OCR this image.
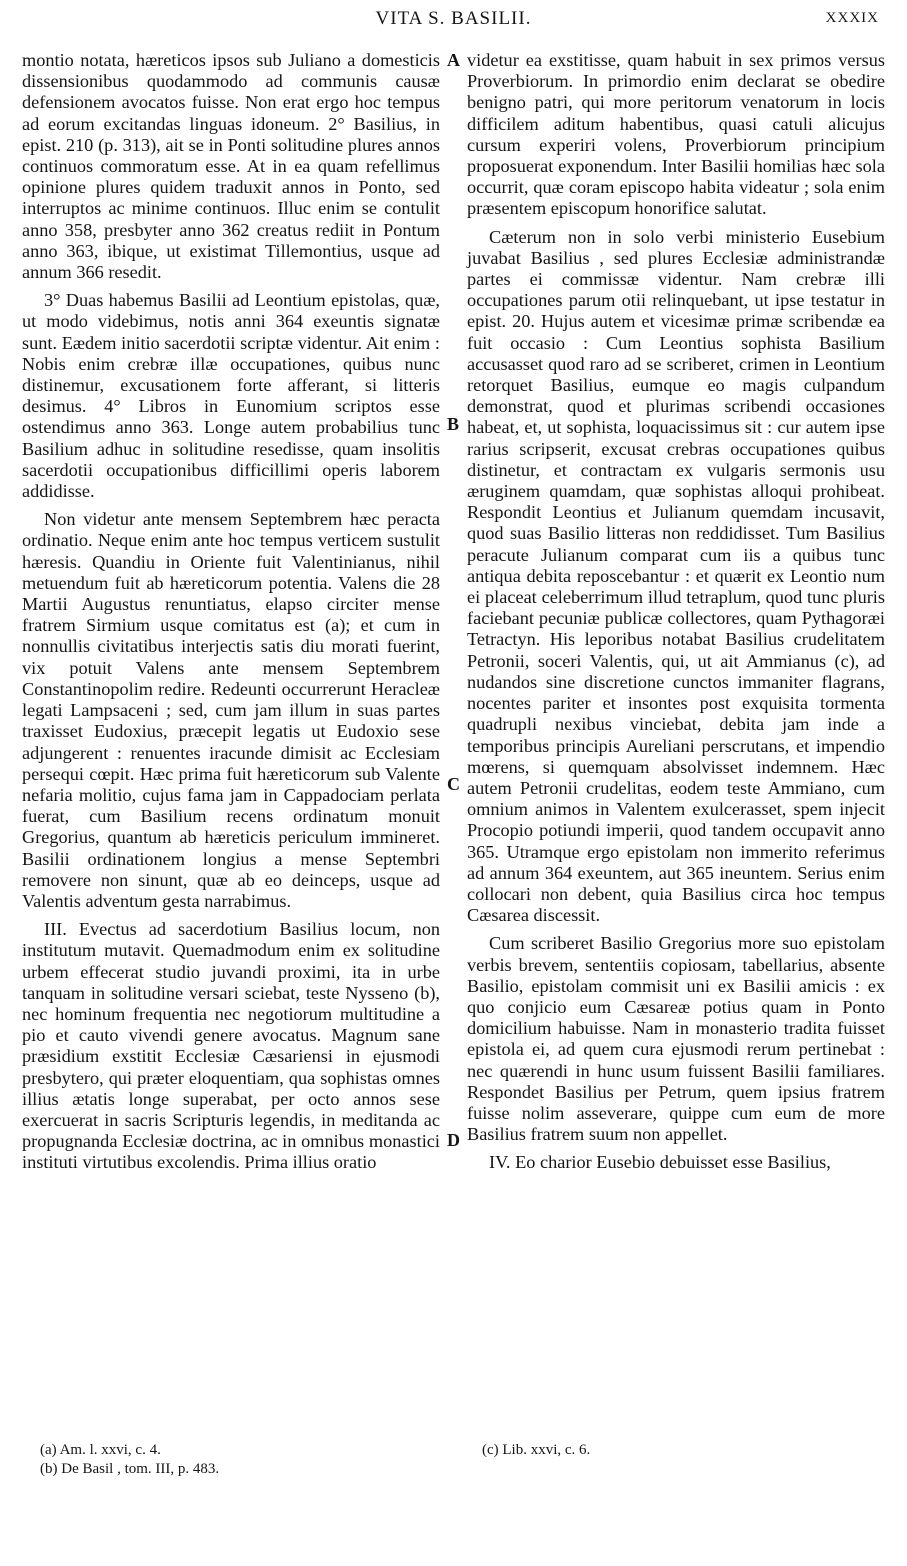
VITA S. BASILII.	XXXIX

montio notata, hæreticos ipsos sub Juliano a domesticis dissensionibus quodammodo ad communis causæ defensionem avocatos fuisse. Non erat ergo hoc tempus ad eorum excitandas linguas idoneum. 2° Basilius, in epist. 210 (p. 313), ait se in Ponti solitudine plures annos continuos commoratum esse. At in ea quam refellimus opinione plures quidem traduxit annos in Ponto, sed interruptos ac minime continuos. Illuc enim se contulit anno 358, presbyter anno 362 creatus rediit in Pontum anno 363, ibique, ut existimat Tillemontius, usque ad annum 366 resedit.

3° Duas habemus Basilii ad Leontium epistolas, quæ, ut modo videbimus, notis anni 364 exeuntis signatæ sunt. Eædem initio sacerdotii scriptæ videntur. Ait enim : Nobis enim crebræ illæ occupationes, quibus nunc distinemur, excusationem forte afferant, si litteris desimus. 4° Libros in Eunomium scriptos esse ostendimus anno 363. Longe autem probabilius tunc Basilium adhuc in solitudine resedisse, quam insolitis sacerdotii occupationibus difficillimi operis laborem addidisse.

Non videtur ante mensem Septembrem hæc peracta ordinatio. Neque enim ante hoc tempus verticem sustulit hæresis. Quandiu in Oriente fuit Valentinianus, nihil metuendum fuit ab hæreticorum potentia. Valens die 28 Martii Augustus renuntiatus, elapso circiter mense fratrem Sirmium usque comitatus est (a); et cum in nonnullis civitatibus interjectis satis diu morati fuerint, vix potuit Valens ante mensem Septembrem Constantinopolim redire. Redeunti occurrerunt Heracleæ legati Lampsaceni ; sed, cum jam illum in suas partes traxisset Eudoxius, præcepit legatis ut Eudoxio sese adjungerent : renuentes iracunde dimisit ac Ecclesiam persequi cœpit. Hæc prima fuit hæreticorum sub Valente nefaria molitio, cujus fama jam in Cappadociam perlata fuerat, cum Basilium recens ordinatum monuit Gregorius, quantum ab hæreticis periculum immineret. Basilii ordinationem longius a mense Septembri removere non sinunt, quæ ab eo deinceps, usque ad Valentis adventum gesta narrabimus.

III. Evectus ad sacerdotium Basilius locum, non institutum mutavit. Quemadmodum enim ex solitudine urbem effecerat studio juvandi proximi, ita in urbe tanquam in solitudine versari sciebat, teste Nysseno (b), nec hominum frequentia nec negotiorum multitudine a pio et cauto vivendi genere avocatus. Magnum sane præsidium exstitit Ecclesiæ Cæsariensi in ejusmodi presbytero, qui præter eloquentiam, qua sophistas omnes illius ætatis longe superabat, per octo annos sese exercuerat in sacris Scripturis legendis, in meditanda ac propugnanda Ecclesiæ doctrina, ac in omnibus monastici instituti virtutibus excolendis. Prima illius oratio

A
B
C
D

videtur ea exstitisse, quam habuit in sex primos versus Proverbiorum. In primordio enim declarat se obedire benigno patri, qui more peritorum venatorum in locis difficilem aditum habentibus, quasi catuli alicujus cursum experiri volens, Proverbiorum principium proposuerat exponendum. Inter Basilii homilias hæc sola occurrit, quæ coram episcopo habita videatur ; sola enim præsentem episcopum honorifice salutat.

Cæterum non in solo verbi ministerio Eusebium juvabat Basilius , sed plures Ecclesiæ administrandæ partes ei commissæ videntur. Nam crebræ illi occupationes parum otii relinquebant, ut ipse testatur in epist. 20. Hujus autem et vicesimæ primæ scribendæ ea fuit occasio : Cum Leontius sophista Basilium accusasset quod raro ad se scriberet, crimen in Leontium retorquet Basilius, eumque eo magis culpandum demonstrat, quod et plurimas scribendi occasiones habeat, et, ut sophista, loquacissimus sit : cur autem ipse rarius scripserit, excusat crebras occupationes quibus distinetur, et contractam ex vulgaris sermonis usu æruginem quamdam, quæ sophistas alloqui prohibeat. Respondit Leontius et Julianum quemdam incusavit, quod suas Basilio litteras non reddidisset. Tum Basilius peracute Julianum comparat cum iis a quibus tunc antiqua debita reposcebantur : et quærit ex Leontio num ei placeat celeberrimum illud tetraplum, quod tunc pluris faciebant pecuniæ publicæ collectores, quam Pythagoræi Tetractyn. His leporibus notabat Basilius crudelitatem Petronii, soceri Valentis, qui, ut ait Ammianus (c), ad nudandos sine discretione cunctos immaniter flagrans, nocentes pariter et insontes post exquisita tormenta quadrupli nexibus vinciebat, debita jam inde a temporibus principis Aureliani perscrutans, et impendio mœrens, si quemquam absolvisset indemnem. Hæc autem Petronii crudelitas, eodem teste Ammiano, cum omnium animos in Valentem exulcerasset, spem injecit Procopio potiundi imperii, quod tandem occupavit anno 365. Utramque ergo epistolam non immerito referimus ad annum 364 exeuntem, aut 365 ineuntem. Serius enim collocari non debent, quia Basilius circa hoc tempus Cæsarea discessit.

Cum scriberet Basilio Gregorius more suo epistolam verbis brevem, sententiis copiosam, tabellarius, absente Basilio, epistolam commisit uni ex Basilii amicis : ex quo conjicio eum Cæsareæ potius quam in Ponto domicilium habuisse. Nam in monasterio tradita fuisset epistola ei, ad quem cura ejusmodi rerum pertinebat : nec quærendi in hunc usum fuissent Basilii familiares. Respondet Basilius per Petrum, quem ipsius fratrem fuisse nolim asseverare, quippe cum eum de more Basilius fratrem suum non appellet.

IV. Eo charior Eusebio debuisset esse Basilius,

(a) Am. l. xxvi, c. 4.
(b) De Basil , tom. III, p. 483.
(c) Lib. xxvi, c. 6.
